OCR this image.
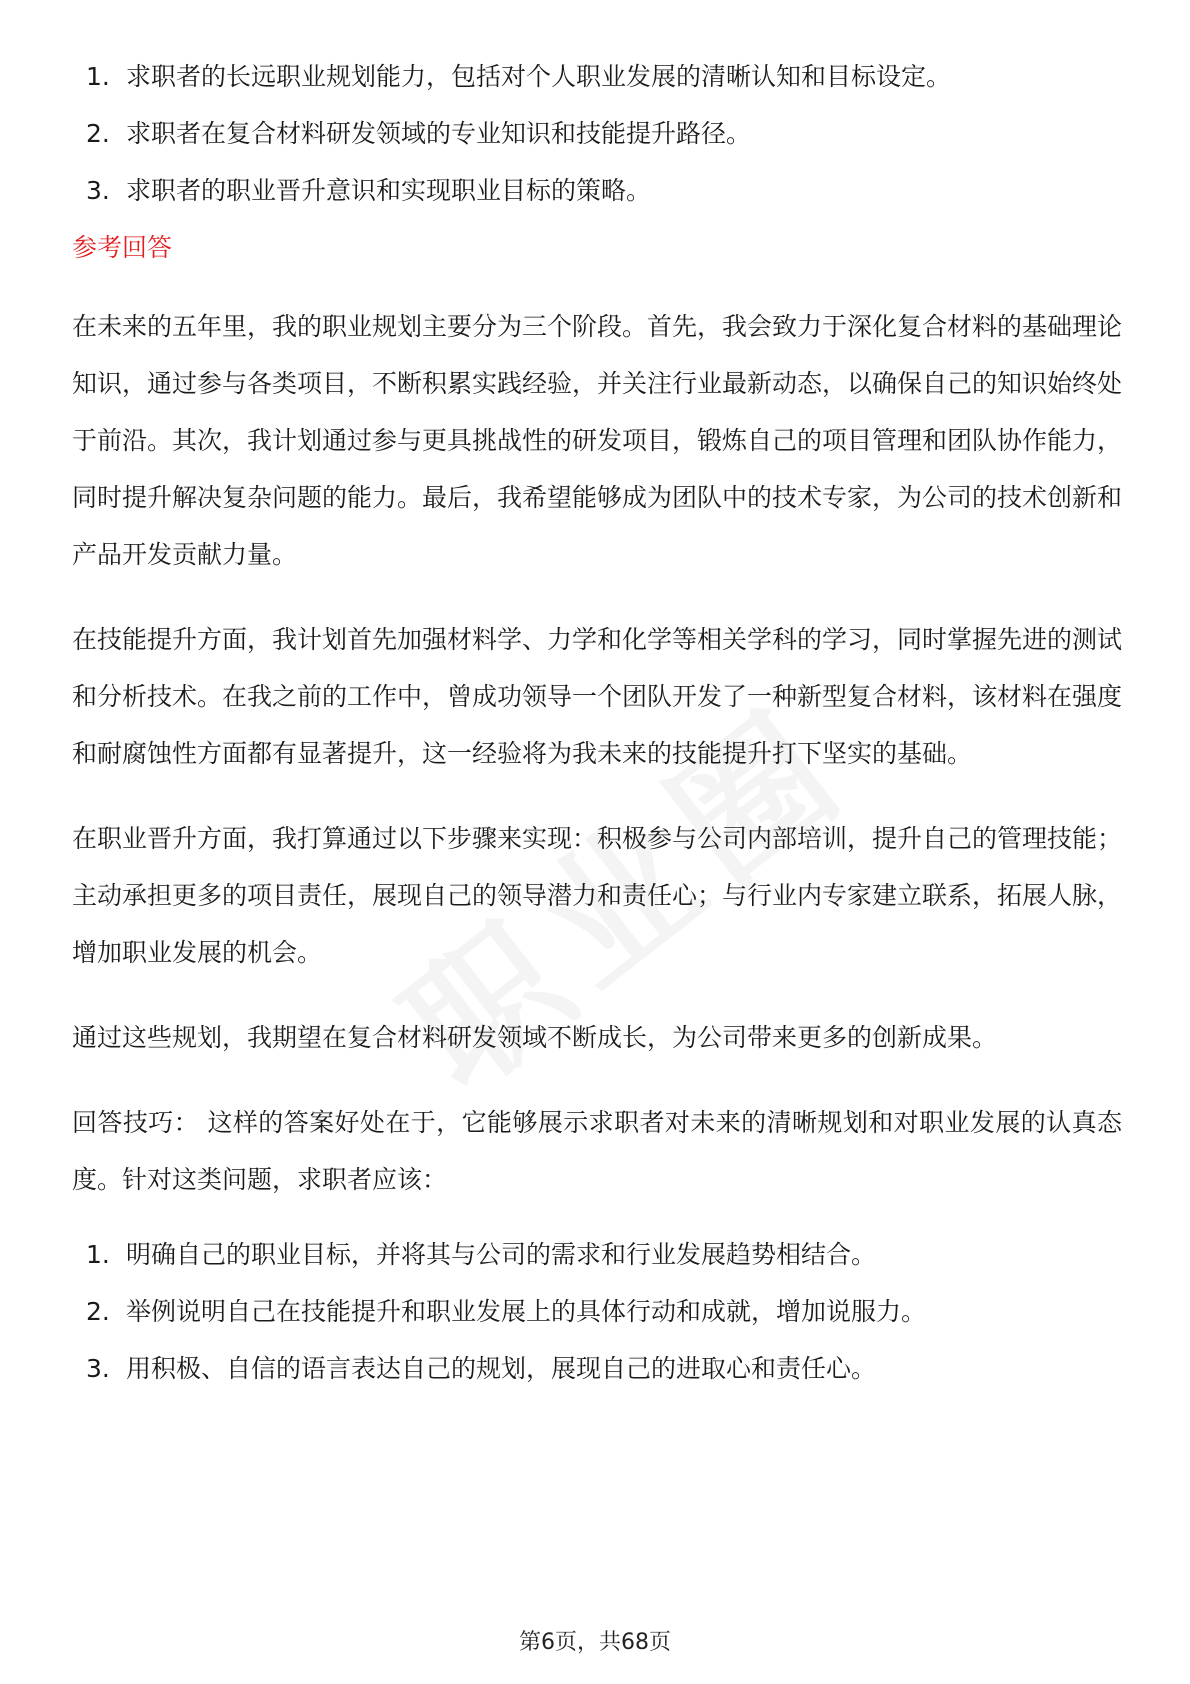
1. 求职者的长远职业规划能力，包括对个人职业发展的清晰认知和目标设定。
2. 求职者在复合材料研发领域的专业知识和技能提升路径。
3. 求职者的职业晋升意识和实现职业目标的策略。
参考回答

在未来的五年里，我的职业规划主要分为三个阶段。首先，我会致力于深化复合材料的基础理论知识，通过参与各类项目，不断积累实践经验，并关注行业最新动态，以确保自己的知识始终处于前沿。其次，我计划通过参与更具挑战性的研发项目，锻炼自己的项目管理和团队协作能力，同时提升解决复杂问题的能力。最后，我希望能够成为团队中的技术专家，为公司的技术创新和产品开发贡献力量。

在技能提升方面，我计划首先加强材料学、力学和化学等相关学科的学习，同时掌握先进的测试和分析技术。在我之前的工作中，曾成功领导一个团队开发了一种新型复合材料，该材料在强度和耐腐蚀性方面都有显著提升，这一经验将为我未来的技能提升打下坚实的基础。

在职业晋升方面，我打算通过以下步骤来实现：积极参与公司内部培训，提升自己的管理技能；主动承担更多的项目责任，展现自己的领导潜力和责任心；与行业内专家建立联系，拓展人脉，增加职业发展的机会。

通过这些规划，我期望在复合材料研发领域不断成长，为公司带来更多的创新成果。

回答技巧： 这样的答案好处在于，它能够展示求职者对未来的清晰规划和对职业发展的认真态度。针对这类问题，求职者应该：

1. 明确自己的职业目标，并将其与公司的需求和行业发展趋势相结合。
2. 举例说明自己在技能提升和职业发展上的具体行动和成就，增加说服力。
3. 用积极、自信的语言表达自己的规划，展现自己的进取心和责任心。
第6页，共68页
